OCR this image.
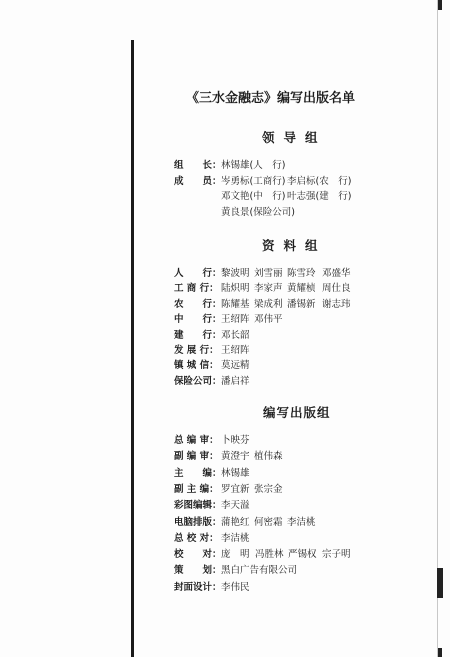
《三水金融志》编写出版名单
领导组
资料组
编写出版组
组　　长： 林锡雄(人　行)
成　　员： 岑勇标(工商行) 李启标(农　行)
邓文艳(中　行) 叶志强(建　行)
黄良景(保险公司)
人　　行： 黎波明 刘雪丽 陈雪玲 邓盛华
工 商 行： 陆炽明 李家声 黄耀桢 周仕良
农　　行： 陈耀基 梁成利 潘锡新 谢志玮
中　　行： 王绍阵 邓伟平
建　　行： 邓长韶
发 展 行： 王绍阵
镇 城 信： 莫远精
保险公司： 潘启祥
总 编 审： 卜映芬
副 编 审： 黄澄宇 植伟森
主　　编： 林锡雄
副 主 编： 罗宜新 张宗金
彩图编辑： 李天溢
电脑排版： 蒲艳红 何密霜 李洁桃
总 校 对： 李洁桃
校　　对： 庞　明 冯胜林 严锡权 宗子明
策　　划： 黑白广告有限公司
封面设计： 李伟民
